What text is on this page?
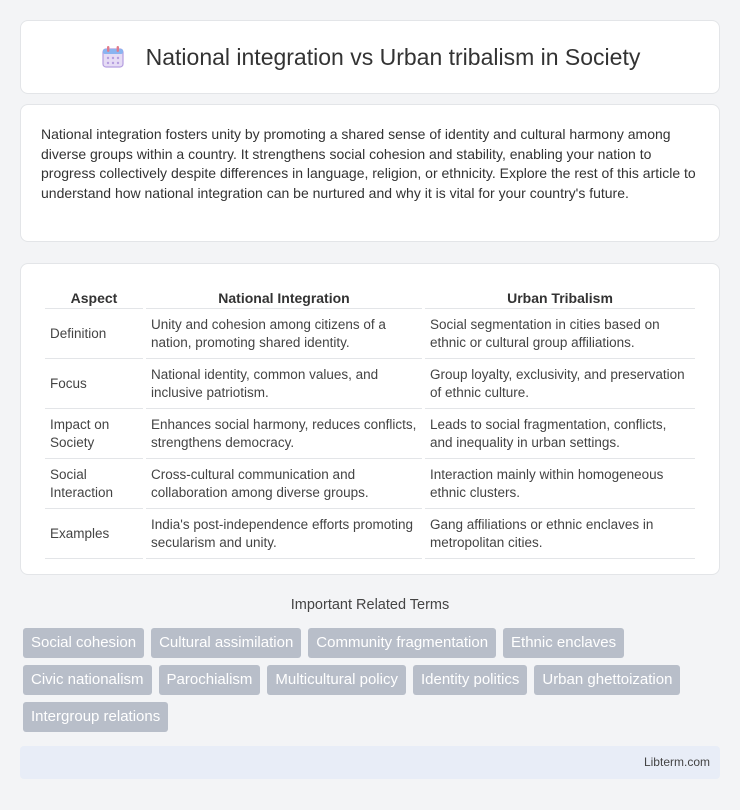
National integration vs Urban tribalism in Society

National integration fosters unity by promoting a shared sense of identity and cultural harmony among diverse groups within a country. It strengthens social cohesion and stability, enabling your nation to progress collectively despite differences in language, religion, or ethnicity. Explore the rest of this article to understand how national integration can be nurtured and why it is vital for your country's future.

Aspect	National Integration	Urban Tribalism
Definition	Unity and cohesion among citizens of a nation, promoting shared identity.	Social segmentation in cities based on ethnic or cultural group affiliations.
Focus	National identity, common values, and inclusive patriotism.	Group loyalty, exclusivity, and preservation of ethnic culture.
Impact on Society	Enhances social harmony, reduces conflicts, strengthens democracy.	Leads to social fragmentation, conflicts, and inequality in urban settings.
Social Interaction	Cross-cultural communication and collaboration among diverse groups.	Interaction mainly within homogeneous ethnic clusters.
Examples	India's post-independence efforts promoting secularism and unity.	Gang affiliations or ethnic enclaves in metropolitan cities.
Important Related Terms
Social cohesion	Cultural assimilation	Community fragmentation	Ethnic enclaves
Civic nationalism	Parochialism	Multicultural policy	Identity politics	Urban ghettoization
Intergroup relations
Libterm.com
